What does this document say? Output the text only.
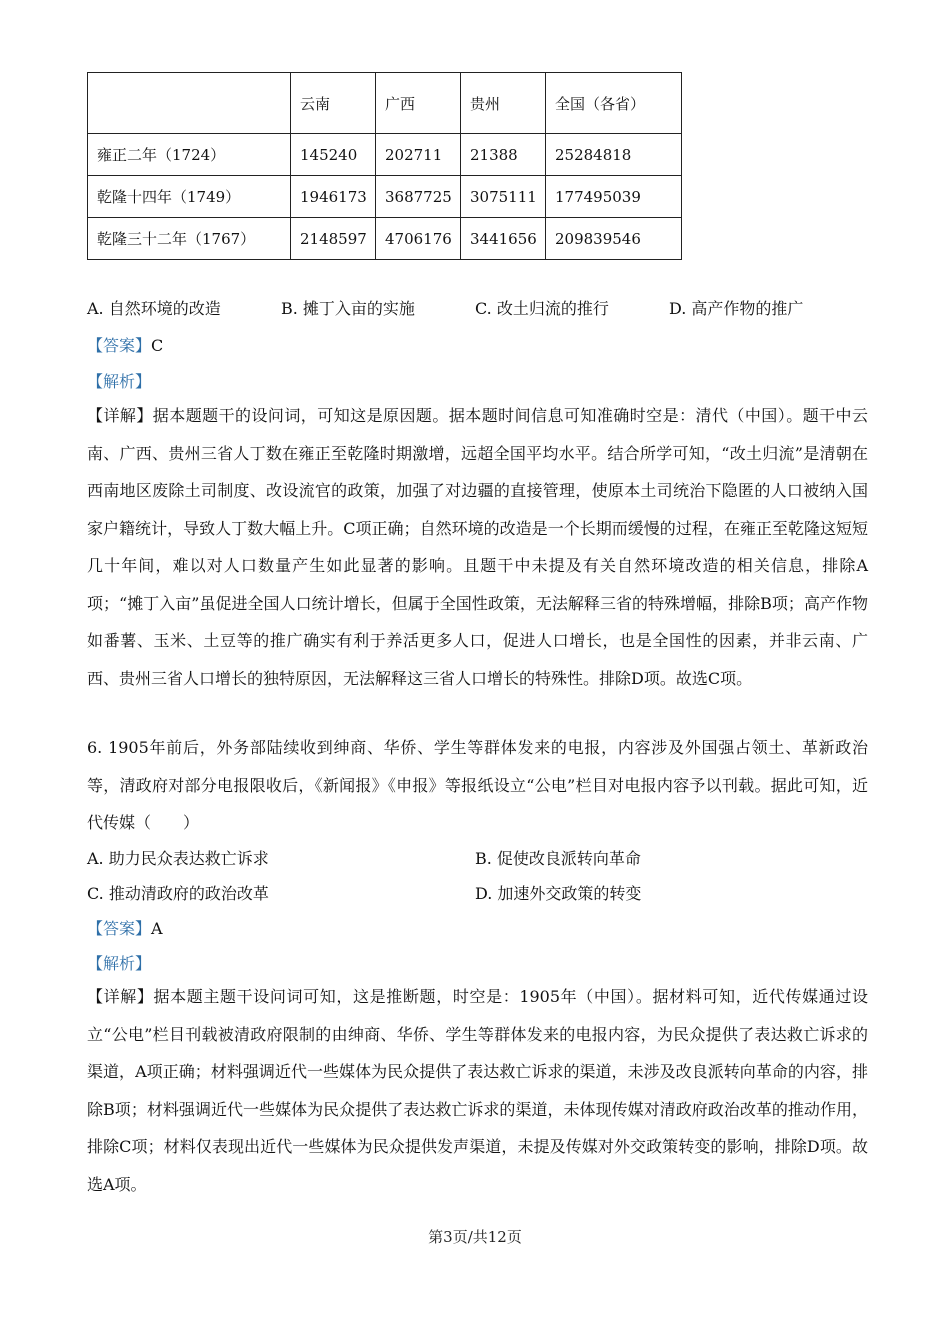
	云南	广西	贵州	全国（各省）
雍正二年（1724）	145240	202711	21388	25284818
乾隆十四年（1749）	1946173	3687725	3075111	177495039
乾隆三十二年（1767）	2148597	4706176	3441656	209839546
A. 自然环境的改造	B. 摊丁入亩的实施	C. 改土归流的推行	D. 高产作物的推广
【答案】C
【解析】
【详解】据本题题干的设问词，可知这是原因题。据本题时间信息可知准确时空是：清代（中国）。题干中云南、广西、贵州三省人丁数在雍正至乾隆时期激增，远超全国平均水平。结合所学可知，“改土归流”是清朝在西南地区废除土司制度、改设流官的政策，加强了对边疆的直接管理，使原本土司统治下隐匿的人口被纳入国家户籍统计，导致人丁数大幅上升。C项正确；自然环境的改造是一个长期而缓慢的过程，在雍正至乾隆这短短几十年间，难以对人口数量产生如此显著的影响。且题干中未提及有关自然环境改造的相关信息，排除A项；“摊丁入亩”虽促进全国人口统计增长，但属于全国性政策，无法解释三省的特殊增幅，排除B项；高产作物如番薯、玉米、土豆等的推广确实有利于养活更多人口，促进人口增长，也是全国性的因素，并非云南、广西、贵州三省人口增长的独特原因，无法解释这三省人口增长的特殊性。排除D项。故选C项。
6. 1905年前后，外务部陆续收到绅商、华侨、学生等群体发来的电报，内容涉及外国强占领土、革新政治等，清政府对部分电报限收后，《新闻报》《申报》等报纸设立“公电”栏目对电报内容予以刊载。据此可知，近代传媒（　　）
A. 助力民众表达救亡诉求	B. 促使改良派转向革命
C. 推动清政府的政治改革	D. 加速外交政策的转变
【答案】A
【解析】
【详解】据本题主题干设问词可知，这是推断题，时空是：1905年（中国）。据材料可知，近代传媒通过设立“公电”栏目刊载被清政府限制的由绅商、华侨、学生等群体发来的电报内容，为民众提供了表达救亡诉求的渠道，A项正确；材料强调近代一些媒体为民众提供了表达救亡诉求的渠道，未涉及改良派转向革命的内容，排除B项；材料强调近代一些媒体为民众提供了表达救亡诉求的渠道，未体现传媒对清政府政治改革的推动作用，排除C项；材料仅表现出近代一些媒体为民众提供发声渠道，未提及传媒对外交政策转变的影响，排除D项。故选A项。
第3页/共12页
